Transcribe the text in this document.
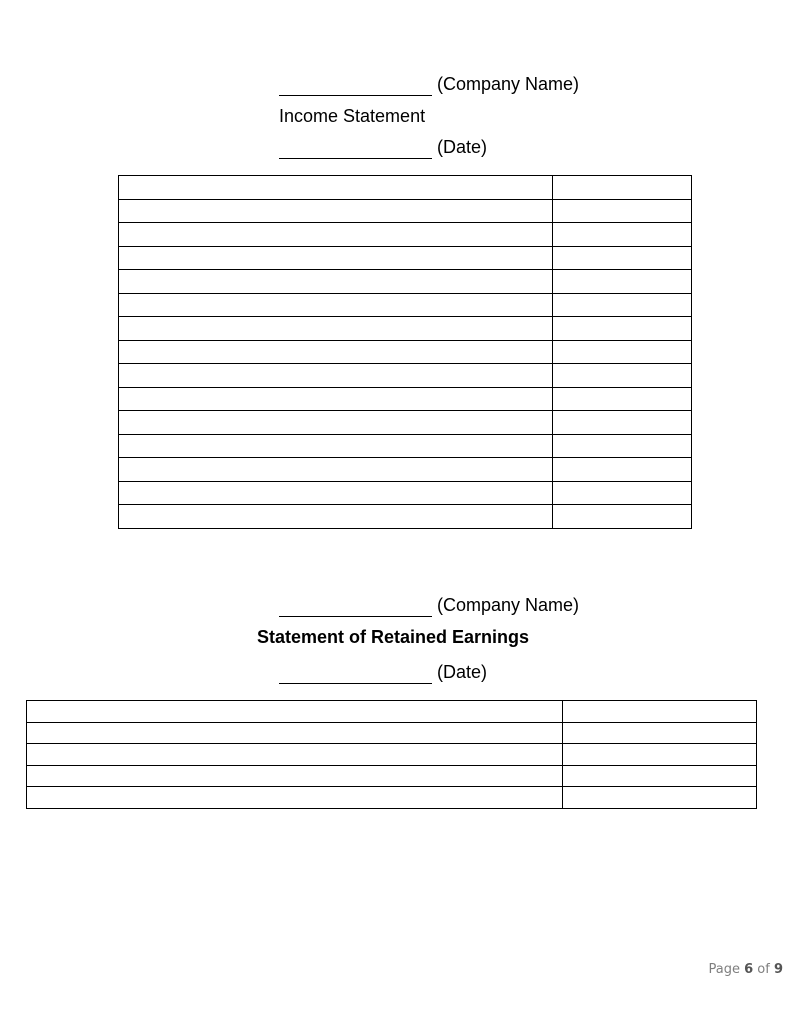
(Company Name)
Income Statement
(Date)

(Company Name)
Statement of Retained Earnings
(Date)

Page 6 of 9
